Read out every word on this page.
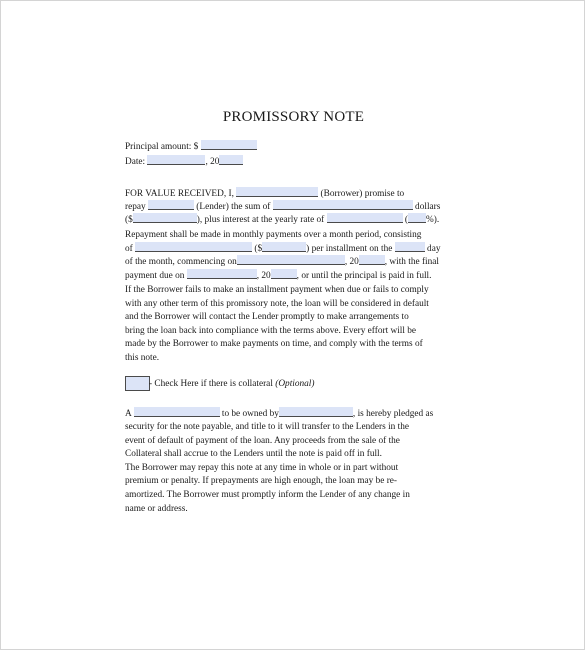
PROMISSORY NOTE
Principal amount: $
Date:	, 20
FOR VALUE RECEIVED, I,	(Borrower) promise to
repay	(Lender) the sum of	dollars
($	), plus interest at the yearly rate of	( %).
Repayment shall be made in monthly payments over a month period, consisting
of	($	) per installment on the	day
of the month, commencing on	, 20	, with the final
payment due on	, 20	, or until the principal is paid in full.
If the Borrower fails to make an installment payment when due or fails to comply
with any other term of this promissory note, the loan will be considered in default
and the Borrower will contact the Lender promptly to make arrangements to
bring the loan back into compliance with the terms above. Every effort will be
made by the Borrower to make payments on time, and comply with the terms of
this note.
- Check Here if there is collateral (Optional)
A	to be owned by	, is hereby pledged as
security for the note payable, and title to it will transfer to the Lenders in the
event of default of payment of the loan. Any proceeds from the sale of the
Collateral shall accrue to the Lenders until the note is paid off in full.
The Borrower may repay this note at any time in whole or in part without
premium or penalty. If prepayments are high enough, the loan may be re-
amortized. The Borrower must promptly inform the Lender of any change in
name or address.
